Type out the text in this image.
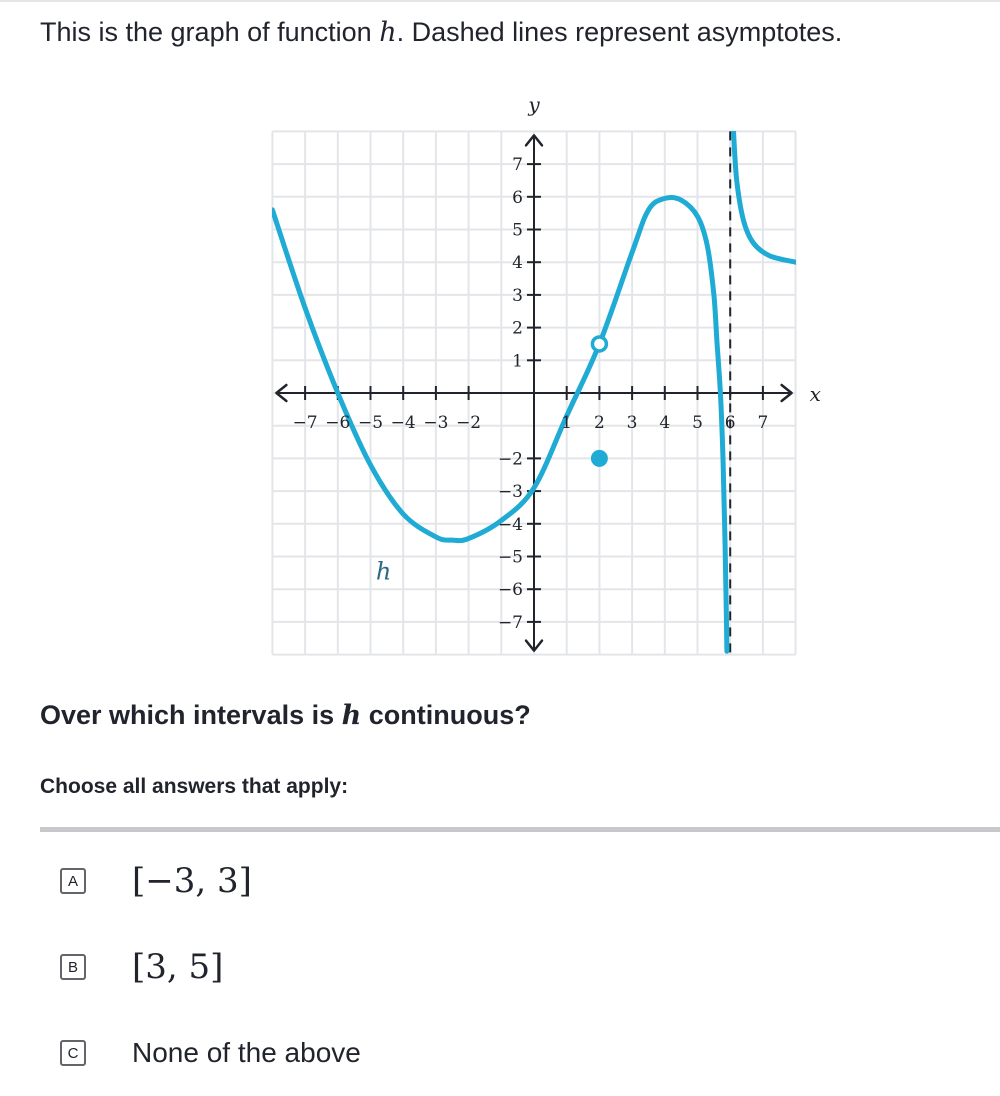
This is the graph of function h. Dashed lines represent asymptotes.
x
y
−7 −6 −5 −4 −3 −2	1 2 3 4 5 6 7
7
6
5
4
3
2
1
−2
−3
−4
−5
−6
−7
h
Over which intervals is h continuous?
Choose all answers that apply:
A [−3, 3]
B [3, 5]
C None of the above
